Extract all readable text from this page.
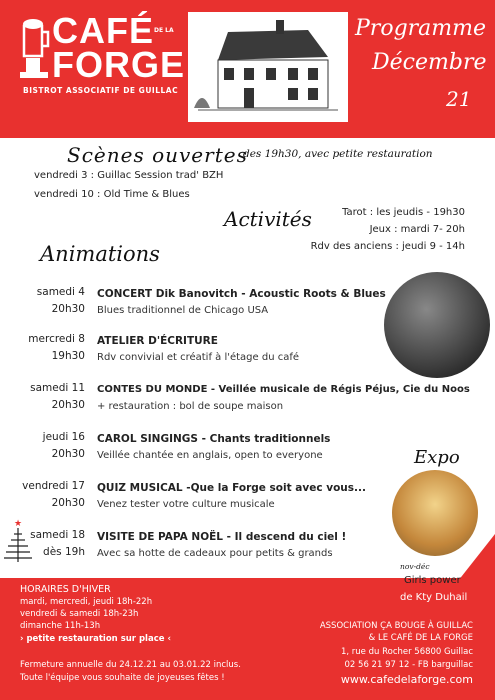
CAFÉ DE LA
FORGE
BISTROT ASSOCIATIF DE GUILLAC
Programme
Décembre
21
Scènes ouvertes
des 19h30, avec petite restauration
vendredi 3 : Guillac Session trad' BZH
vendredi 10 : Old Time & Blues
Activités	Tarot : les jeudis - 19h30
Jeux : mardi 7- 20h
Rdv des anciens : jeudi 9 - 14h
Animations
samedi 4
20h30
CONCERT Dik Banovitch - Acoustic Roots & Blues
Blues traditionnel de Chicago USA
mercredi 8
19h30
ATELIER D'ÉCRITURE
Rdv convivial et créatif à l'étage du café
samedi 11
20h30
CONTES DU MONDE - Veillée musicale de Régis Péjus, Cie du Noos
+ restauration : bol de soupe maison
jeudi 16
20h30
CAROL SINGINGS - Chants traditionnels
Veillée chantée en anglais, open to everyone
vendredi 17
20h30
QUIZ MUSICAL -Que la Forge soit avec vous...
Venez tester votre culture musicale
★
samedi 18
dès 19h
VISITE DE PAPA NOËL - Il descend du ciel !
Avec sa hotte de cadeaux pour petits & grands
Expo
nov-déc
Girls power
de Kty Duhail
HORAIRES D'HIVER
mardi, mercredi, jeudi 18h-22h
vendredi & samedi 18h-23h
dimanche 11h-13h
› petite restauration sur place ‹
Fermeture annuelle du 24.12.21 au 03.01.22 inclus.
Toute l'équipe vous souhaite de joyeuses fêtes !
ASSOCIATION ÇA BOUGE À GUILLAC
& LE CAFÉ DE LA FORGE
1, rue du Rocher 56800 Guillac
02 56 21 97 12 - FB barguillac
www.cafedelaforge.com
